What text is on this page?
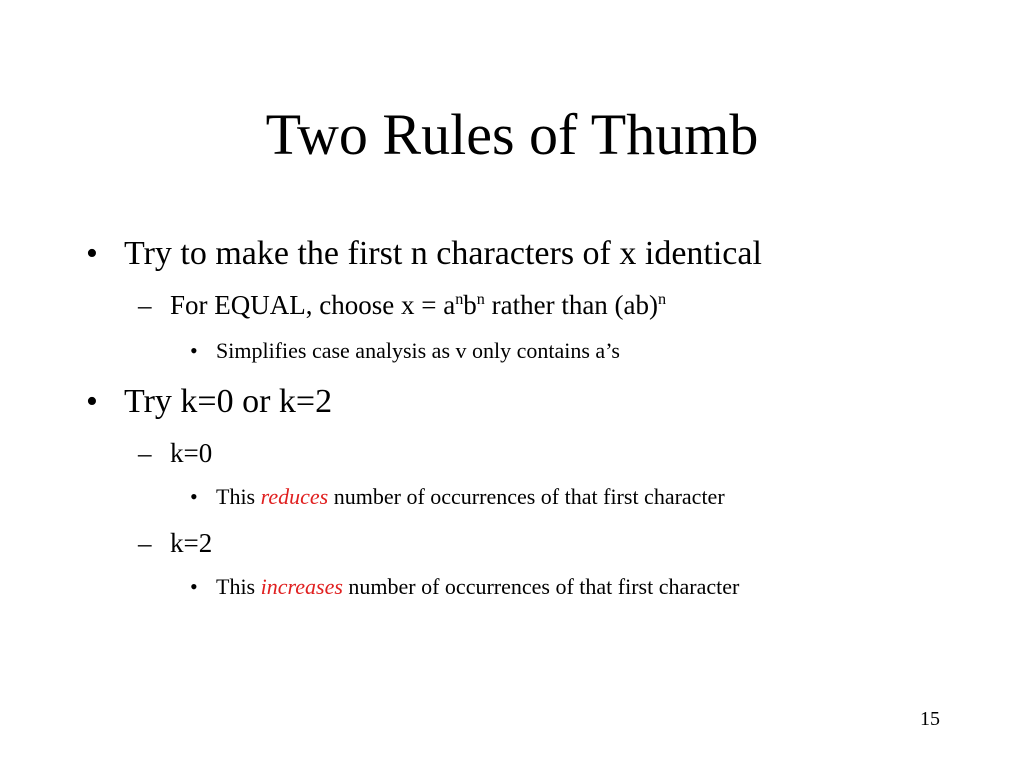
Two Rules of Thumb
• Try to make the first n characters of x identical

– For EQUAL, choose $x = a^nb^n$ rather than (ab)$^n$

• Simplifies case analysis as v only contains a’s

• Try k=0 or k=2

– k=0

• This reduces number of occurrences of that first character

– k=2

• This increases number of occurrences of that first character

15
